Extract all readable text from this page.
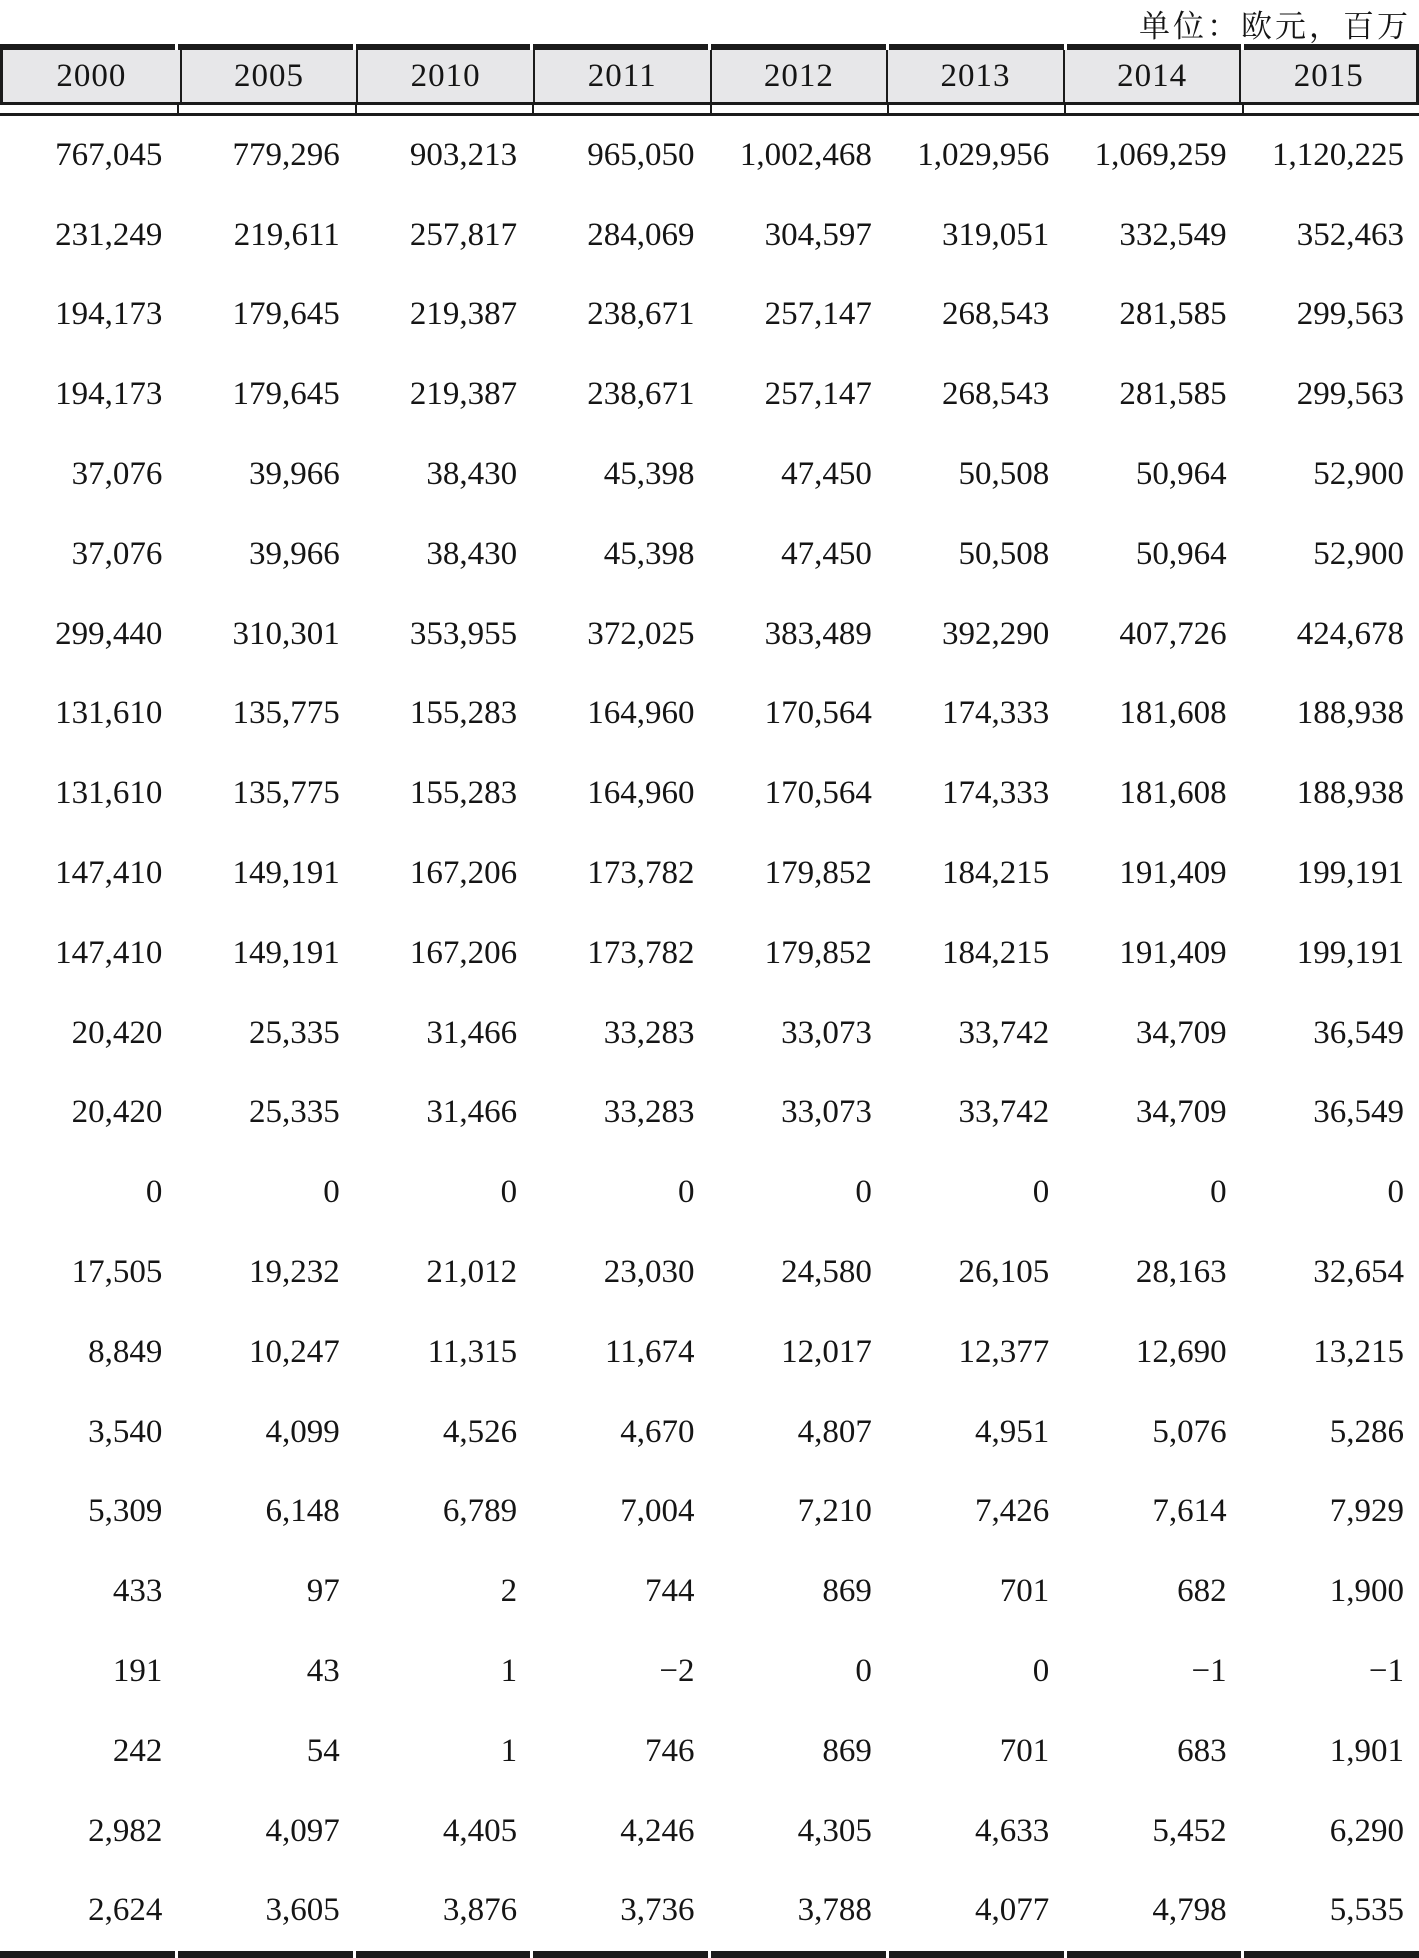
单位：欧元，百万
2000	2005	2010	2011	2012	2013	2014	2015
767,045	779,296	903,213	965,050	1,002,468	1,029,956	1,069,259	1,120,225
231,249	219,611	257,817	284,069	304,597	319,051	332,549	352,463
194,173	179,645	219,387	238,671	257,147	268,543	281,585	299,563
194,173	179,645	219,387	238,671	257,147	268,543	281,585	299,563
37,076	39,966	38,430	45,398	47,450	50,508	50,964	52,900
37,076	39,966	38,430	45,398	47,450	50,508	50,964	52,900
299,440	310,301	353,955	372,025	383,489	392,290	407,726	424,678
131,610	135,775	155,283	164,960	170,564	174,333	181,608	188,938
131,610	135,775	155,283	164,960	170,564	174,333	181,608	188,938
147,410	149,191	167,206	173,782	179,852	184,215	191,409	199,191
147,410	149,191	167,206	173,782	179,852	184,215	191,409	199,191
20,420	25,335	31,466	33,283	33,073	33,742	34,709	36,549
20,420	25,335	31,466	33,283	33,073	33,742	34,709	36,549
0	0	0	0	0	0	0	0
17,505	19,232	21,012	23,030	24,580	26,105	28,163	32,654
8,849	10,247	11,315	11,674	12,017	12,377	12,690	13,215
3,540	4,099	4,526	4,670	4,807	4,951	5,076	5,286
5,309	6,148	6,789	7,004	7,210	7,426	7,614	7,929
433	97	2	744	869	701	682	1,900
191	43	1	−2	0	0	−1	−1
242	54	1	746	869	701	683	1,901
2,982	4,097	4,405	4,246	4,305	4,633	5,452	6,290
2,624	3,605	3,876	3,736	3,788	4,077	4,798	5,535
